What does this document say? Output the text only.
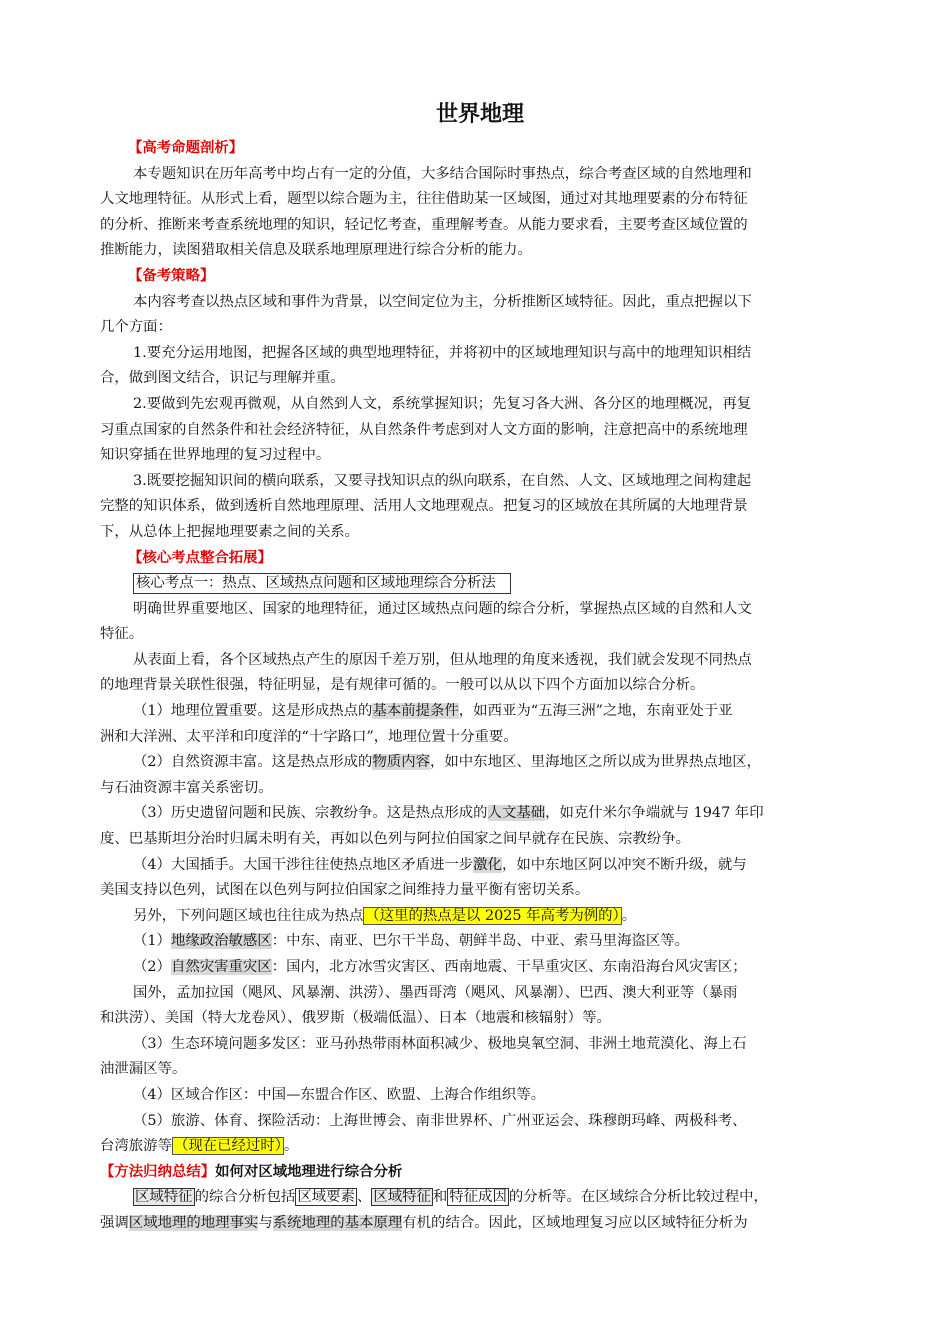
世界地理
【高考命题剖析】
本专题知识在历年高考中均占有一定的分值，大多结合国际时事热点，综合考查区域的自然地理和
人文地理特征。从形式上看，题型以综合题为主，往往借助某一区域图，通过对其地理要素的分布特征
的分析、推断来考查系统地理的知识，轻记忆考查，重理解考查。从能力要求看，主要考查区域位置的
推断能力，读图猎取相关信息及联系地理原理进行综合分析的能力。
【备考策略】
本内容考查以热点区域和事件为背景，以空间定位为主，分析推断区域特征。因此，重点把握以下
几个方面：
1.要充分运用地图，把握各区域的典型地理特征，并将初中的区域地理知识与高中的地理知识相结
合，做到图文结合，识记与理解并重。
2.要做到先宏观再微观，从自然到人文，系统掌握知识；先复习各大洲、各分区的地理概况，再复
习重点国家的自然条件和社会经济特征，从自然条件考虑到对人文方面的影响，注意把高中的系统地理
知识穿插在世界地理的复习过程中。
3.既要挖掘知识间的横向联系，又要寻找知识点的纵向联系，在自然、人文、区域地理之间构建起
完整的知识体系，做到透析自然地理原理、活用人文地理观点。把复习的区域放在其所属的大地理背景
下，从总体上把握地理要素之间的关系。
【核心考点整合拓展】
核心考点一：热点、区域热点问题和区域地理综合分析法
明确世界重要地区、国家的地理特征，通过区域热点问题的综合分析，掌握热点区域的自然和人文
特征。
从表面上看，各个区域热点产生的原因千差万别，但从地理的角度来透视，我们就会发现不同热点
的地理背景关联性很强，特征明显，是有规律可循的。一般可以从以下四个方面加以综合分析。
（1）地理位置重要。这是形成热点的基本前提条件，如西亚为“五海三洲”之地，东南亚处于亚
洲和大洋洲、太平洋和印度洋的“十字路口”，地理位置十分重要。
（2）自然资源丰富。这是热点形成的物质内容，如中东地区、里海地区之所以成为世界热点地区，
与石油资源丰富关系密切。
（3）历史遗留问题和民族、宗教纷争。这是热点形成的人文基础，如克什米尔争端就与 1947 年印
度、巴基斯坦分治时归属未明有关，再如以色列与阿拉伯国家之间早就存在民族、宗教纷争。
（4）大国插手。大国干涉往往使热点地区矛盾进一步激化，如中东地区阿以冲突不断升级，就与
美国支持以色列，试图在以色列与阿拉伯国家之间维持力量平衡有密切关系。
另外，下列问题区域也往往成为热点 （这里的热点是以 2025 年高考为例的） 。
（1）地缘政治敏感区：中东、南亚、巴尔干半岛、朝鲜半岛、中亚、索马里海盗区等。
（2）自然灾害重灾区：国内，北方冰雪灾害区、西南地震、干旱重灾区、东南沿海台风灾害区；
国外，孟加拉国（飓风、风暴潮、洪涝）、墨西哥湾（飓风、风暴潮）、巴西、澳大利亚等（暴雨
和洪涝）、美国（特大龙卷风）、俄罗斯（极端低温）、日本（地震和核辐射）等。
（3）生态环境问题多发区：亚马孙热带雨林面积减少、极地臭氧空洞、非洲土地荒漠化、海上石
油泄漏区等。
（4）区域合作区：中国—东盟合作区、欧盟、上海合作组织等。
（5）旅游、体育、探险活动：上海世博会、南非世界杯、广州亚运会、珠穆朗玛峰、两极科考、
台湾旅游等 （现在已经过时） 。
【方法归纳总结】如何对区域地理进行综合分析
区域特征 的综合分析包括 区域要素 、 区域特征 和 特征成因 的分析等。在区域综合分析比较过程中，
强调区域地理的地理事实与系统地理的基本原理有机的结合。因此，区域地理复习应以区域特征分析为
